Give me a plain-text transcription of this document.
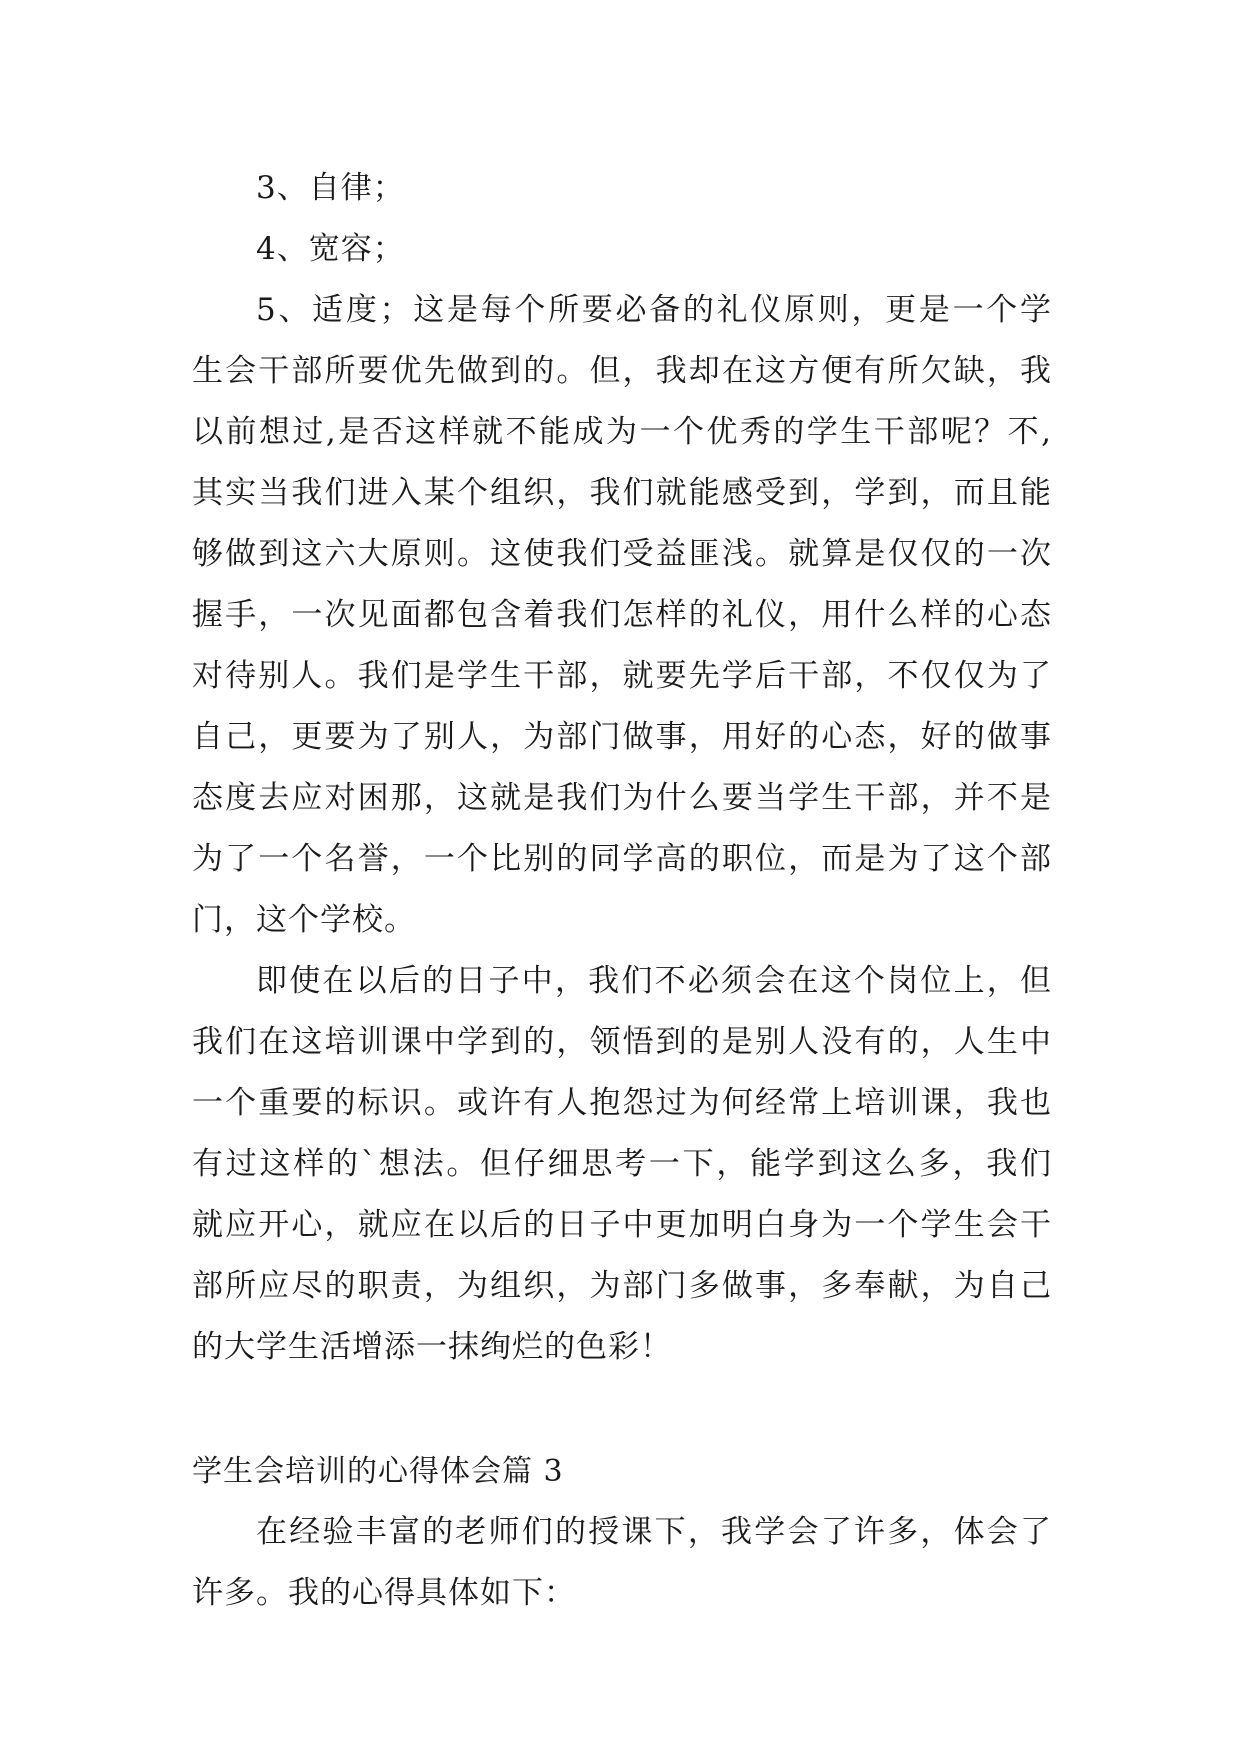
3、自律；
4、宽容；
5、适度；这是每个所要必备的礼仪原则，更是一个学
生会干部所要优先做到的。但，我却在这方便有所欠缺，我
以前想过,是否这样就不能成为一个优秀的学生干部呢？不,
其实当我们进入某个组织，我们就能感受到，学到，而且能
够做到这六大原则。这使我们受益匪浅。就算是仅仅的一次
握手，一次见面都包含着我们怎样的礼仪，用什么样的心态
对待别人。我们是学生干部，就要先学后干部，不仅仅为了
自己，更要为了别人，为部门做事，用好的心态，好的做事
态度去应对困那，这就是我们为什么要当学生干部，并不是
为了一个名誉，一个比别的同学高的职位，而是为了这个部
门，这个学校。
即使在以后的日子中，我们不必须会在这个岗位上，但
我们在这培训课中学到的，领悟到的是别人没有的，人生中
一个重要的标识。或许有人抱怨过为何经常上培训课，我也
有过这样的`想法。但仔细思考一下，能学到这么多，我们
就应开心，就应在以后的日子中更加明白身为一个学生会干
部所应尽的职责，为组织，为部门多做事，多奉献，为自己
的大学生活增添一抹绚烂的色彩！
学生会培训的心得体会篇 3
在经验丰富的老师们的授课下，我学会了许多，体会了
许多。我的心得具体如下：
